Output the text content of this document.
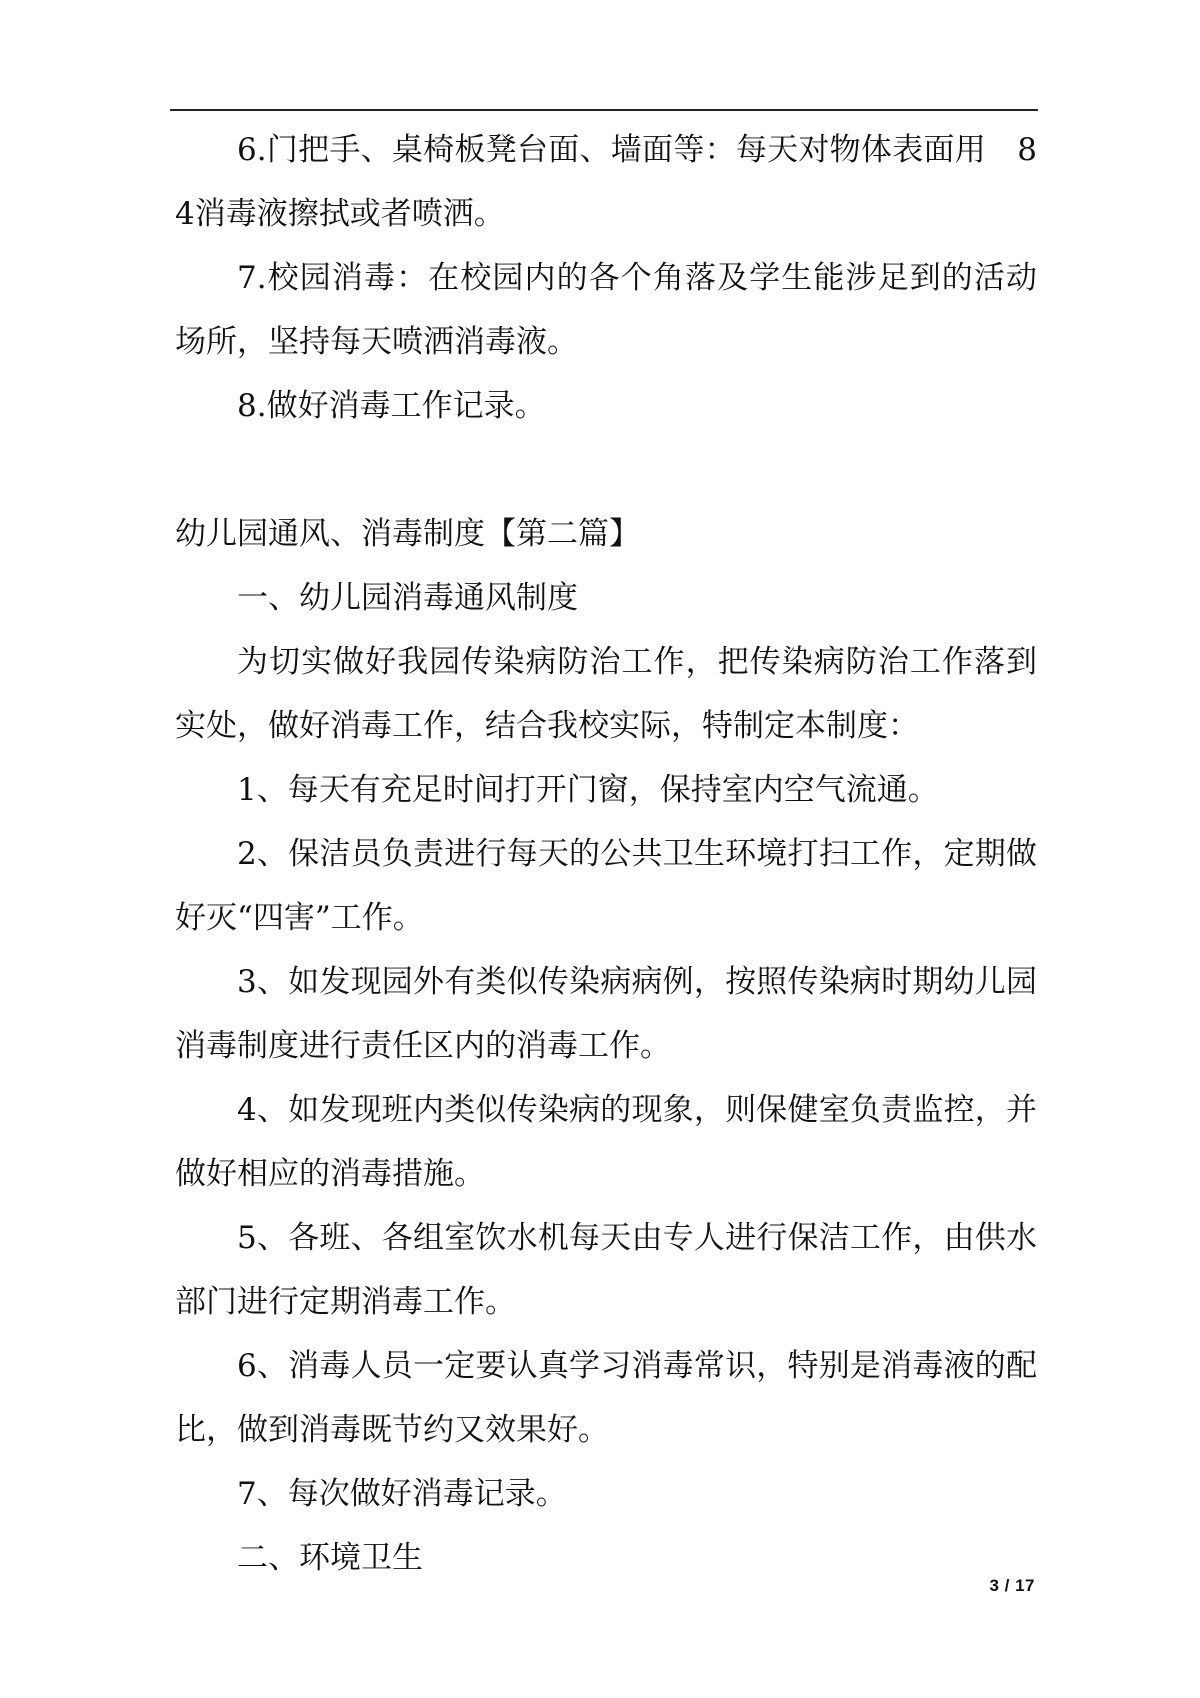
6.门把手、桌椅板凳台面、墙面等：每天对物体表面用　84消毒液擦拭或者喷洒。

7.校园消毒：在校园内的各个角落及学生能涉足到的活动场所，坚持每天喷洒消毒液。

8.做好消毒工作记录。

幼儿园通风、消毒制度【第二篇】

一、幼儿园消毒通风制度

为切实做好我园传染病防治工作，把传染病防治工作落到实处，做好消毒工作，结合我校实际，特制定本制度：

1、每天有充足时间打开门窗，保持室内空气流通。

2、保洁员负责进行每天的公共卫生环境打扫工作，定期做好灭“四害”工作。

3、如发现园外有类似传染病病例，按照传染病时期幼儿园消毒制度进行责任区内的消毒工作。

4、如发现班内类似传染病的现象，则保健室负责监控，并做好相应的消毒措施。

5、各班、各组室饮水机每天由专人进行保洁工作，由供水部门进行定期消毒工作。

6、消毒人员一定要认真学习消毒常识，特别是消毒液的配比，做到消毒既节约又效果好。

7、每次做好消毒记录。

二、环境卫生

3 / 17
